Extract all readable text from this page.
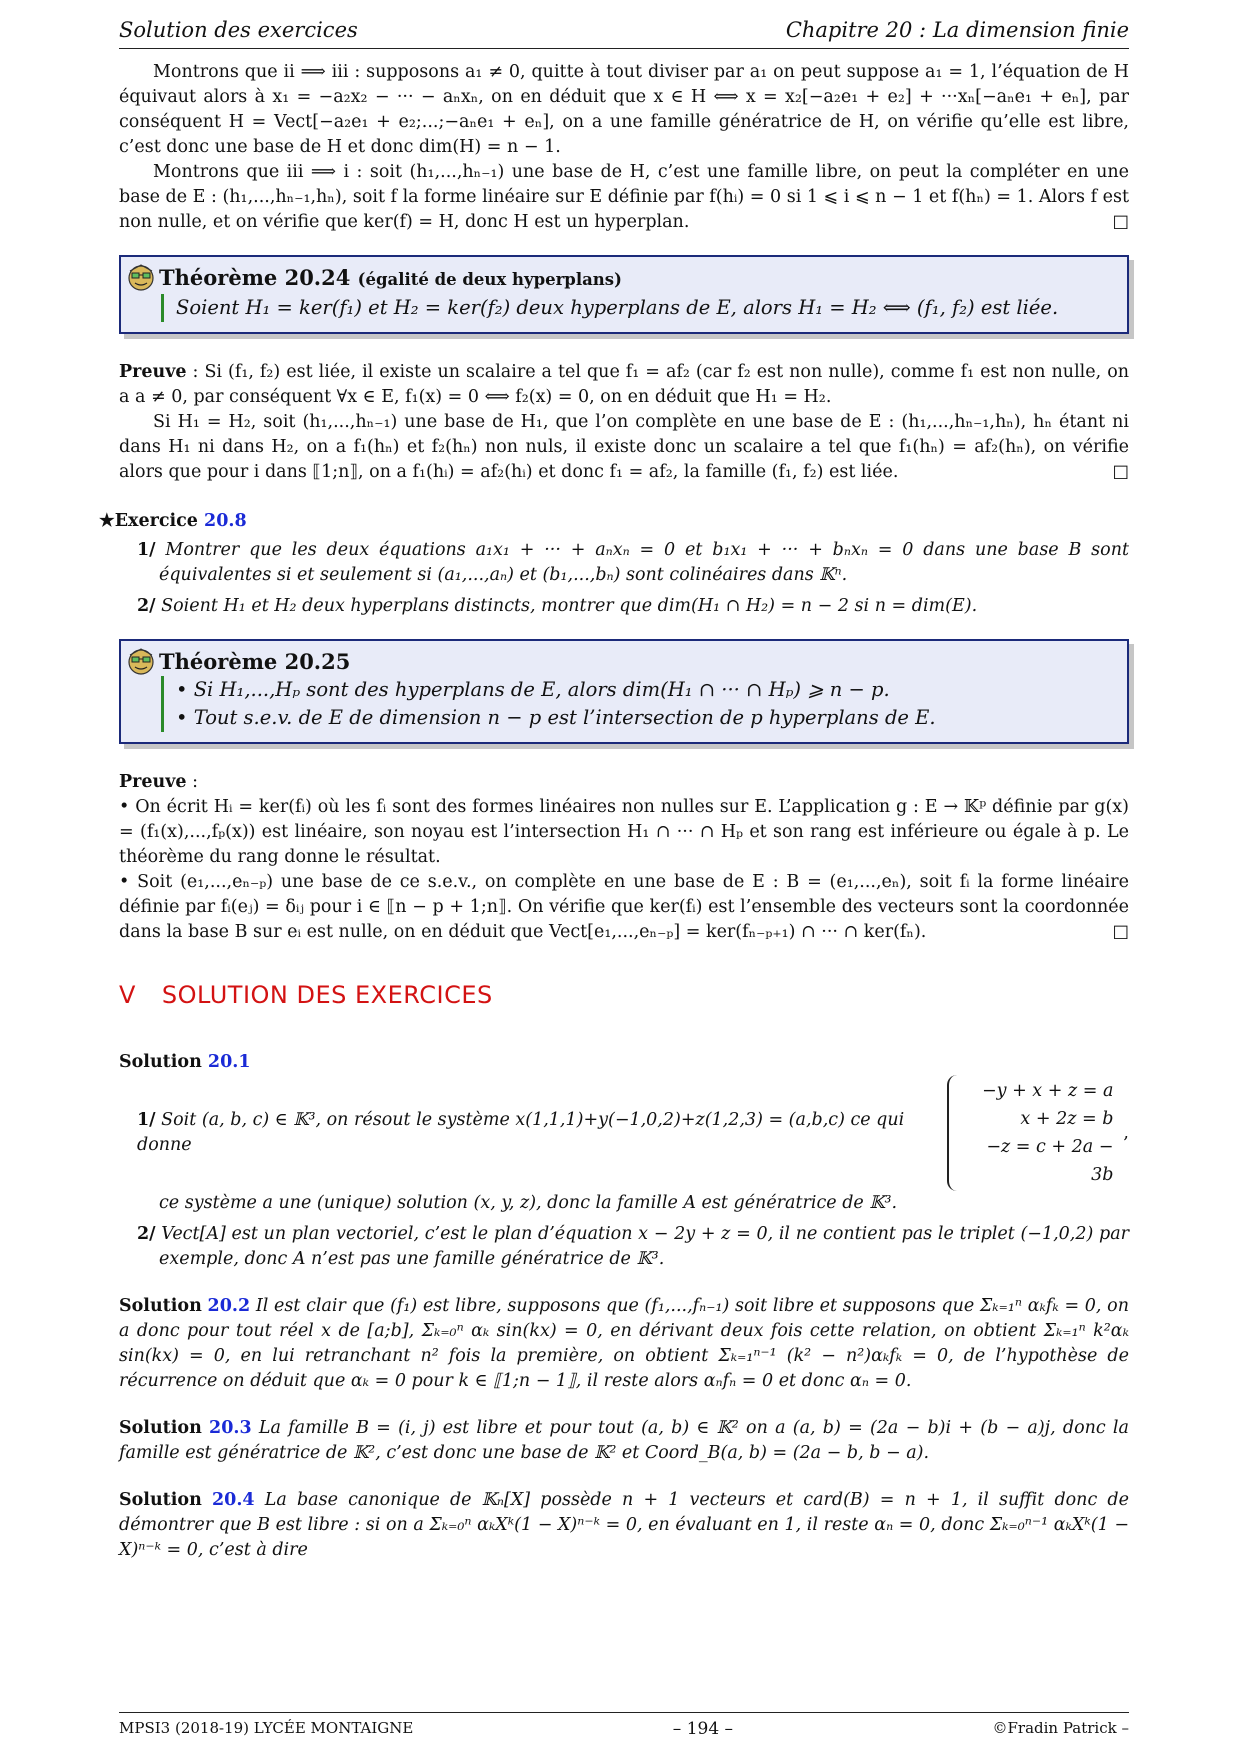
Solution des exercices	Chapitre 20 : La dimension finie

Montrons que ii ⟹ iii : supposons a₁ ≠ 0, quitte à tout diviser par a₁ on peut suppose a₁ = 1, l’équation de H équivaut alors à x₁ = −a₂x₂ − ··· − aₙxₙ, on en déduit que x ∈ H ⟺ x = x₂[−a₂e₁ + e₂] + ···xₙ[−aₙe₁ + eₙ], par conséquent H = Vect[−a₂e₁ + e₂;...;−aₙe₁ + eₙ], on a une famille génératrice de H, on vérifie qu’elle est libre, c’est donc une base de H et donc dim(H) = n − 1.

Montrons que iii ⟹ i : soit (h₁,...,hₙ₋₁) une base de H, c’est une famille libre, on peut la compléter en une base de E : (h₁,...,hₙ₋₁,hₙ), soit f la forme linéaire sur E définie par f(hᵢ) = 0 si 1 ⩽ i ⩽ n − 1 et f(hₙ) = 1. Alors f est non nulle, et on vérifie que ker(f) = H, donc H est un hyperplan.	□

Théorème 20.24 (égalité de deux hyperplans)
Soient H₁ = ker(f₁) et H₂ = ker(f₂) deux hyperplans de E, alors H₁ = H₂ ⟺ (f₁, f₂) est liée.

Preuve : Si (f₁, f₂) est liée, il existe un scalaire a tel que f₁ = af₂ (car f₂ est non nulle), comme f₁ est non nulle, on a a ≠ 0, par conséquent ∀x ∈ E, f₁(x) = 0 ⟺ f₂(x) = 0, on en déduit que H₁ = H₂.

Si H₁ = H₂, soit (h₁,...,hₙ₋₁) une base de H₁, que l’on complète en une base de E : (h₁,...,hₙ₋₁,hₙ), hₙ étant ni dans H₁ ni dans H₂, on a f₁(hₙ) et f₂(hₙ) non nuls, il existe donc un scalaire a tel que f₁(hₙ) = af₂(hₙ), on vérifie alors que pour i dans ⟦1;n⟧, on a f₁(hᵢ) = af₂(hᵢ) et donc f₁ = af₂, la famille (f₁, f₂) est liée.	□

★Exercice 20.8

1/ Montrer que les deux équations a₁x₁ + ··· + aₙxₙ = 0 et b₁x₁ + ··· + bₙxₙ = 0 dans une base B sont équivalentes si et seulement si (a₁,...,aₙ) et (b₁,...,bₙ) sont colinéaires dans 𝕂ⁿ.

2/ Soient H₁ et H₂ deux hyperplans distincts, montrer que dim(H₁ ∩ H₂) = n − 2 si n = dim(E).

Théorème 20.25
• Si H₁,...,Hₚ sont des hyperplans de E, alors dim(H₁ ∩ ··· ∩ Hₚ) ⩾ n − p.
• Tout s.e.v. de E de dimension n − p est l’intersection de p hyperplans de E.

Preuve :

• On écrit Hᵢ = ker(fᵢ) où les fᵢ sont des formes linéaires non nulles sur E. L’application g : E → 𝕂ᵖ définie par g(x) = (f₁(x),...,fₚ(x)) est linéaire, son noyau est l’intersection H₁ ∩ ··· ∩ Hₚ et son rang est inférieure ou égale à p. Le théorème du rang donne le résultat.

• Soit (e₁,...,eₙ₋ₚ) une base de ce s.e.v., on complète en une base de E : B = (e₁,...,eₙ), soit fᵢ la forme linéaire définie par fᵢ(eⱼ) = δᵢⱼ pour i ∈ ⟦n − p + 1;n⟧. On vérifie que ker(fᵢ) est l’ensemble des vecteurs sont la coordonnée dans la base B sur eᵢ est nulle, on en déduit que Vect[e₁,...,eₙ₋ₚ] = ker(fₙ₋ₚ₊₁) ∩ ··· ∩ ker(fₙ).	□

V SOLUTION DES EXERCICES

Solution 20.1

1/ Soit (a, b, c) ∈ 𝕂³, on résout le système x(1,1,1)+y(−1,0,2)+z(1,2,3) = (a,b,c) ce qui donne
−y + x + z = a
x + 2z = b
−z = c + 2a − 3b
,

ce système a une (unique) solution (x, y, z), donc la famille A est génératrice de 𝕂³.

2/ Vect[A] est un plan vectoriel, c’est le plan d’équation x − 2y + z = 0, il ne contient pas le triplet (−1,0,2) par exemple, donc A n’est pas une famille génératrice de 𝕂³.

Solution 20.2 Il est clair que (f₁) est libre, supposons que (f₁,...,fₙ₋₁) soit libre et supposons que Σₖ₌₁ⁿ αₖfₖ = 0, on a donc pour tout réel x de [a;b], Σₖ₌₀ⁿ αₖ sin(kx) = 0, en dérivant deux fois cette relation, on obtient Σₖ₌₁ⁿ k²αₖ sin(kx) = 0, en lui retranchant n² fois la première, on obtient Σₖ₌₁ⁿ⁻¹ (k² − n²)αₖfₖ = 0, de l’hypothèse de récurrence on déduit que αₖ = 0 pour k ∈ ⟦1;n − 1⟧, il reste alors αₙfₙ = 0 et donc αₙ = 0.

Solution 20.3 La famille B = (i, j) est libre et pour tout (a, b) ∈ 𝕂² on a (a, b) = (2a − b)i + (b − a)j, donc la famille est génératrice de 𝕂², c’est donc une base de 𝕂² et Coord_B(a, b) = (2a − b, b − a).

Solution 20.4 La base canonique de 𝕂ₙ[X] possède n + 1 vecteurs et card(B) = n + 1, il suffit donc de démontrer que B est libre : si on a Σₖ₌₀ⁿ αₖXᵏ(1 − X)ⁿ⁻ᵏ = 0, en évaluant en 1, il reste αₙ = 0, donc Σₖ₌₀ⁿ⁻¹ αₖXᵏ(1 − X)ⁿ⁻ᵏ = 0, c’est à dire

MPSI3 (2018-19) LYCÉE MONTAIGNE	– 194 –	©Fradin Patrick –
